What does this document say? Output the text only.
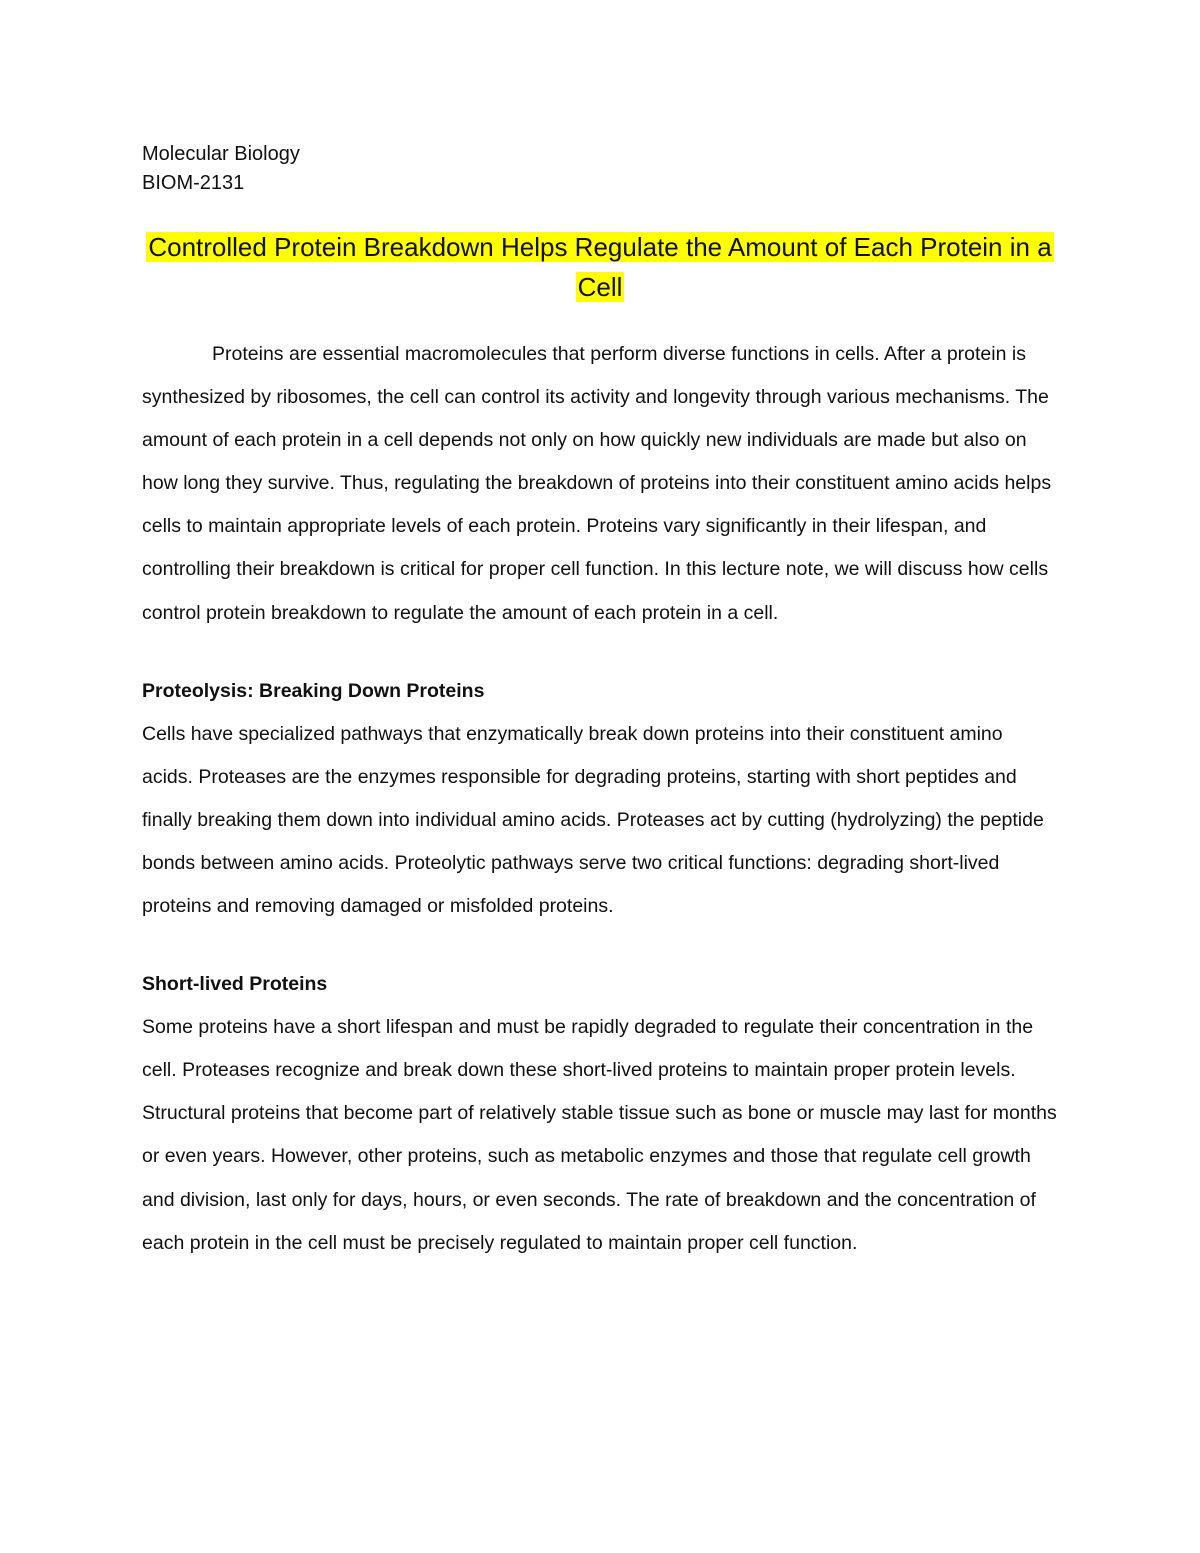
Molecular Biology

BIOM-2131

Controlled Protein Breakdown Helps Regulate the Amount of Each Protein in a Cell

Proteins are essential macromolecules that perform diverse functions in cells. After a protein is synthesized by ribosomes, the cell can control its activity and longevity through various mechanisms. The amount of each protein in a cell depends not only on how quickly new individuals are made but also on how long they survive. Thus, regulating the breakdown of proteins into their constituent amino acids helps cells to maintain appropriate levels of each protein. Proteins vary significantly in their lifespan, and controlling their breakdown is critical for proper cell function. In this lecture note, we will discuss how cells control protein breakdown to regulate the amount of each protein in a cell.

Proteolysis: Breaking Down Proteins

Cells have specialized pathways that enzymatically break down proteins into their constituent amino acids. Proteases are the enzymes responsible for degrading proteins, starting with short peptides and finally breaking them down into individual amino acids. Proteases act by cutting (hydrolyzing) the peptide bonds between amino acids. Proteolytic pathways serve two critical functions: degrading short-lived proteins and removing damaged or misfolded proteins.

Short-lived Proteins

Some proteins have a short lifespan and must be rapidly degraded to regulate their concentration in the cell. Proteases recognize and break down these short-lived proteins to maintain proper protein levels. Structural proteins that become part of relatively stable tissue such as bone or muscle may last for months or even years. However, other proteins, such as metabolic enzymes and those that regulate cell growth and division, last only for days, hours, or even seconds. The rate of breakdown and the concentration of each protein in the cell must be precisely regulated to maintain proper cell function.
